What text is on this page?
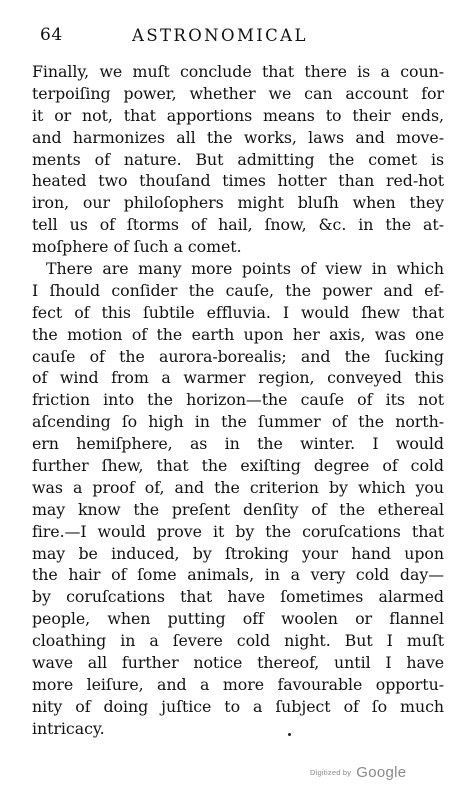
64	ASTRONOMICAL
Finally, we muſt conclude that there is a coun-
terpoiſing power, whether we can account for
it or not, that apportions means to their ends,
and harmonizes all the works, laws and move-
ments of nature. But admitting the comet is
heated two thouſand times hotter than red-hot
iron, our philoſophers might bluſh when they
tell us of ſtorms of hail, ſnow, &c. in the at-
moſphere of ſuch a comet.
There are many more points of view in which
I ſhould conſider the cauſe, the power and ef-
fect of this ſubtile effluvia. I would ſhew that
the motion of the earth upon her axis, was one
cauſe of the aurora-borealis; and the ſucking
of wind from a warmer region, conveyed this
friction into the horizon—the cauſe of its not
aſcending ſo high in the ſummer of the north-
ern hemiſphere, as in the winter. I would
further ſhew, that the exiſting degree of cold
was a proof of, and the criterion by which you
may know the preſent denſity of the ethereal
fire.—I would prove it by the coruſcations that
may be induced, by ſtroking your hand upon
the hair of ſome animals, in a very cold day—
by coruſcations that have ſometimes alarmed
people, when putting off woolen or flannel
cloathing in a ſevere cold night. But I muſt
wave all further notice thereof, until I have
more leiſure, and a more favourable opportu-
nity of doing juſtice to a ſubject of ſo much
intricacy.
Digitized by Google
